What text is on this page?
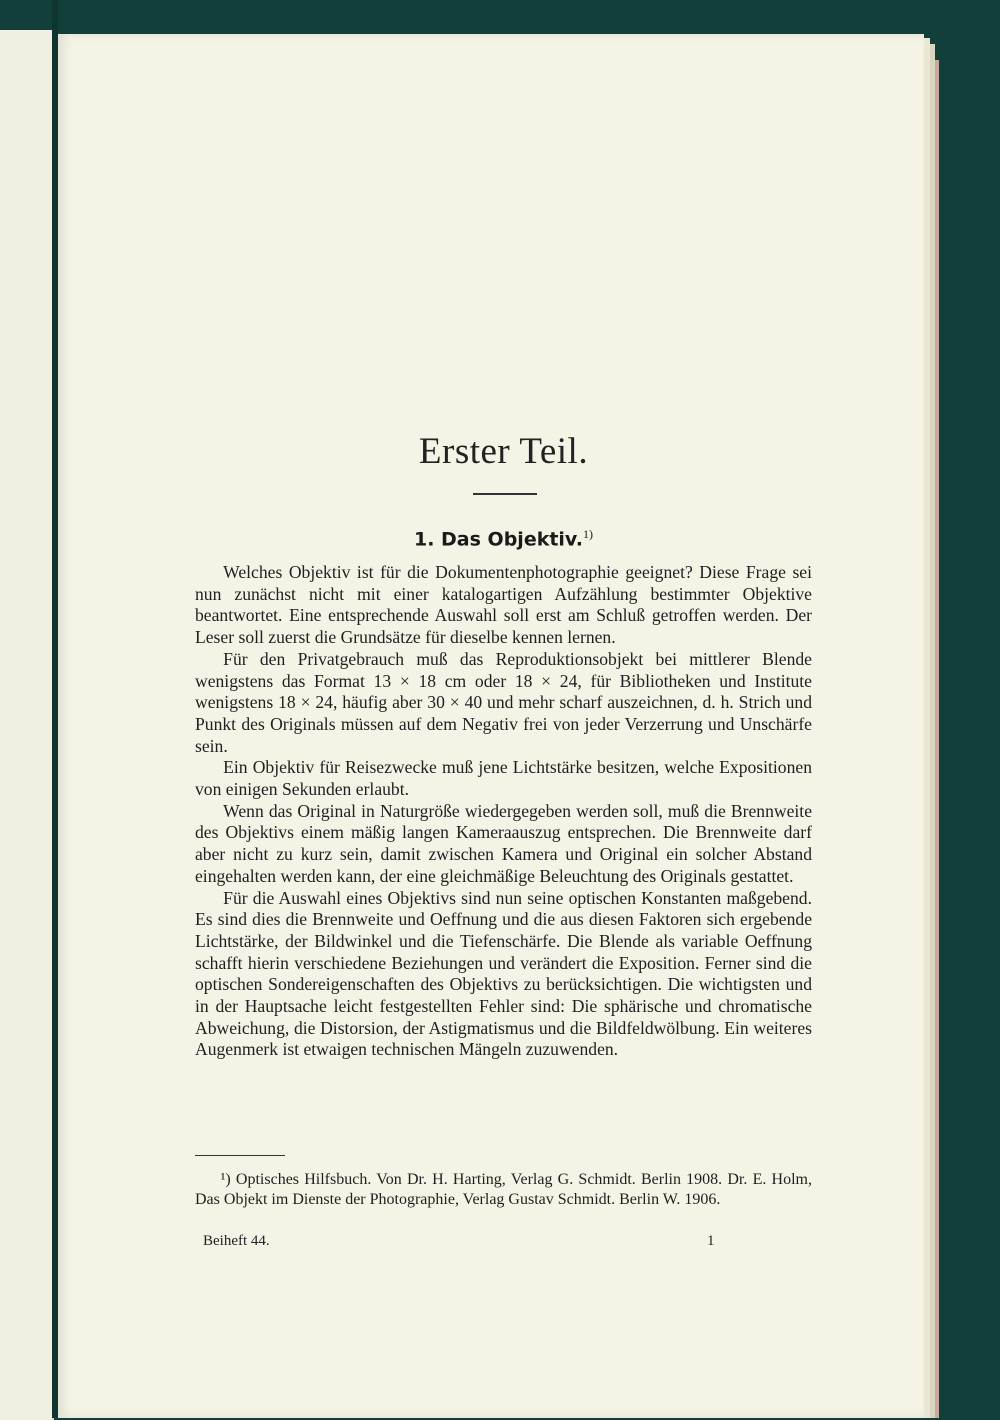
Erster Teil.
1. Das Objektiv.$^{1)}$

Welches Objektiv ist für die Dokumentenphotographie geeignet? Diese Frage sei nun zunächst nicht mit einer katalogartigen Aufzählung bestimmter Objektive beantwortet. Eine entsprechende Auswahl soll erst am Schluß getroffen werden. Der Leser soll zuerst die Grundsätze für dieselbe kennen lernen.

Für den Privatgebrauch muß das Reproduktionsobjekt bei mittlerer Blende wenigstens das Format 13 × 18 cm oder 18 × 24, für Bibliotheken und Institute wenigstens 18 × 24, häufig aber 30 × 40 und mehr scharf auszeichnen, d. h. Strich und Punkt des Originals müssen auf dem Negativ frei von jeder Verzerrung und Unschärfe sein.

Ein Objektiv für Reisezwecke muß jene Lichtstärke besitzen, welche Expositionen von einigen Sekunden erlaubt.

Wenn das Original in Naturgröße wiedergegeben werden soll, muß die Brennweite des Objektivs einem mäßig langen Kameraauszug entsprechen. Die Brennweite darf aber nicht zu kurz sein, damit zwischen Kamera und Original ein solcher Abstand eingehalten werden kann, der eine gleichmäßige Beleuchtung des Originals gestattet.

Für die Auswahl eines Objektivs sind nun seine optischen Konstanten maßgebend. Es sind dies die Brennweite und Oeffnung und die aus diesen Faktoren sich ergebende Lichtstärke, der Bildwinkel und die Tiefenschärfe. Die Blende als variable Oeffnung schafft hierin verschiedene Beziehungen und verändert die Exposition. Ferner sind die optischen Sondereigenschaften des Objektivs zu berücksichtigen. Die wichtigsten und in der Hauptsache leicht festgestellten Fehler sind: Die sphärische und chromatische Abweichung, die Distorsion, der Astigmatismus und die Bildfeldwölbung. Ein weiteres Augenmerk ist etwaigen technischen Mängeln zuzuwenden.

¹) Optisches Hilfsbuch. Von Dr. H. Harting, Verlag G. Schmidt. Berlin 1908. Dr. E. Holm, Das Objekt im Dienste der Photographie, Verlag Gustav Schmidt. Berlin W. 1906.

Beiheft 44.	1
